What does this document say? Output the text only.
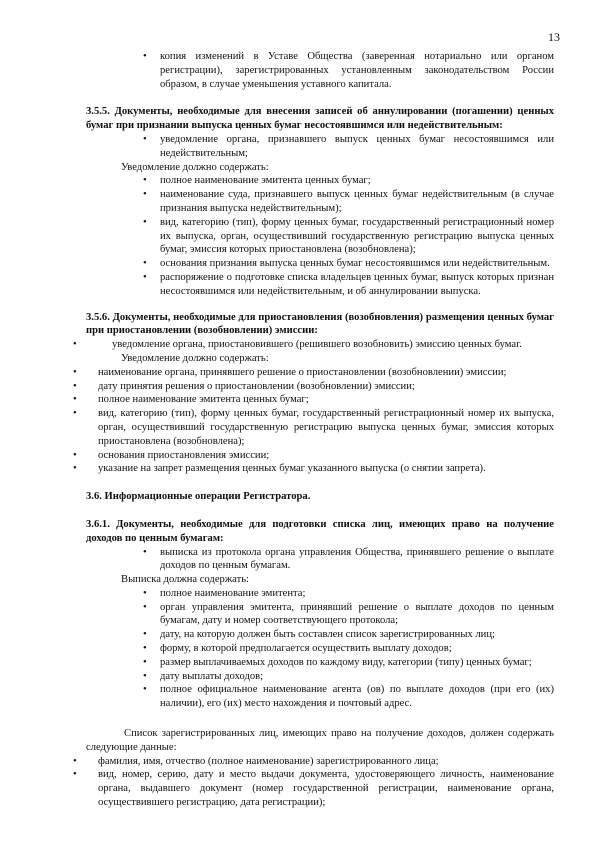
13
• копия изменений в Уставе Общества (заверенная нотариально или органом регистрации), зарегистрированных установленным законодательством России образом, в случае уменьшения уставного капитала.

3.5.5. Документы, необходимые для внесения записей об аннулировании (погашении) ценных бумаг при признании выпуска ценных бумаг несостоявшимся или недействительным:

• уведомление органа, признавшего выпуск ценных бумаг несостоявшимся или недействительным;

Уведомление должно содержать:

• полное наименование эмитента ценных бумаг;
• наименование суда, признавшего выпуск ценных бумаг недействительным (в случае признания выпуска недействительным);
• вид, категорию (тип), форму ценных бумаг, государственный регистрационный номер их выпуска, орган, осуществивший государственную регистрацию выпуска ценных бумаг, эмиссия которых приостановлена (возобновлена);
• основания признания выпуска ценных бумаг несостоявшимся или недействительным.
• распоряжение о подготовке списка владельцев ценных бумаг, выпуск которых признан несостоявшимся или недействительным, и об аннулировании выпуска.

3.5.6. Документы, необходимые для приостановления (возобновления) размещения ценных бумаг при приостановлении (возобновлении) эмиссии:

• уведомление органа, приостановившего (решившего возобновить) эмиссию ценных бумаг.

Уведомление должно содержать:

• наименование органа, принявшего решение о приостановлении (возобновлении) эмиссии;
• дату принятия решения о приостановлении (возобновлении) эмиссии;
• полное наименование эмитента ценных бумаг;
• вид, категорию (тип), форму ценных бумаг, государственный регистрационный номер их выпуска, орган, осуществивший государственную регистрацию выпуска ценных бумаг, эмиссия которых приостановлена (возобновлена);
• основания приостановления эмиссии;
• указание на запрет размещения ценных бумаг указанного выпуска (о снятии запрета).

3.6. Информационные операции Регистратора.

3.6.1. Документы, необходимые для подготовки списка лиц, имеющих право на получение доходов по ценным бумагам:

• выписка из протокола органа управления Общества, принявшего решение о выплате доходов по ценным бумагам.

Выписка должна содержать:

• полное наименование эмитента;
• орган управления эмитента, принявший решение о выплате доходов по ценным бумагам, дату и номер соответствующего протокола;
• дату, на которую должен быть составлен список зарегистрированных лиц;
• форму, в которой предполагается осуществить выплату доходов;
• размер выплачиваемых доходов по каждому виду, категории (типу) ценных бумаг;
• дату выплаты доходов;
• полное официальное наименование агента (ов) по выплате доходов (при его (их) наличии), его (их) место нахождения и почтовый адрес.

Список зарегистрированных лиц, имеющих право на получение доходов, должен содержать следующие данные:

• фамилия, имя, отчество (полное наименование) зарегистрированного лица;
• вид, номер, серию, дату и место выдачи документа, удостоверяющего личность, наименование органа, выдавшего документ (номер государственной регистрации, наименование органа, осуществившего регистрацию, дата регистрации);
